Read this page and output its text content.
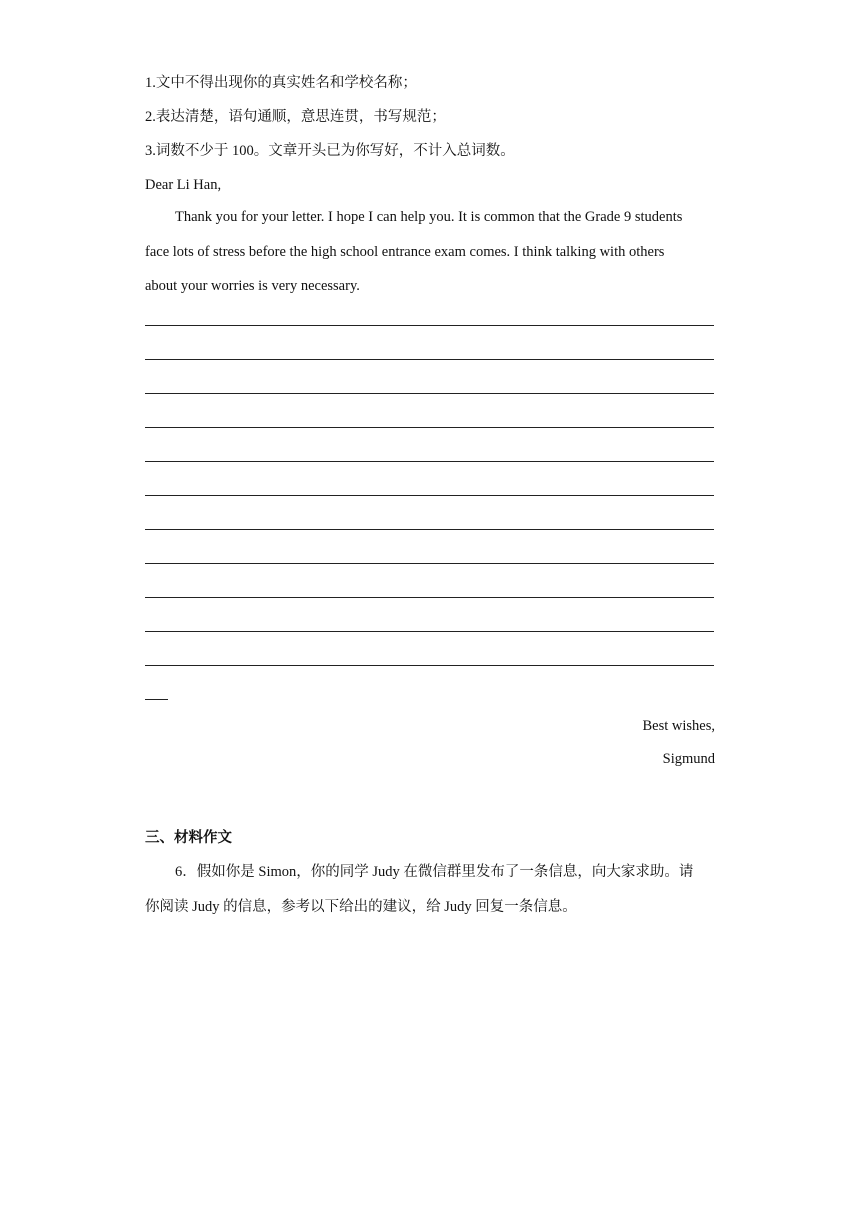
1.文中不得出现你的真实姓名和学校名称；
2.表达清楚，语句通顺，意思连贯，书写规范；
3.词数不少于 100。文章开头已为你写好，不计入总词数。
Dear Li Han,
Thank you for your letter. I hope I can help you. It is common that the Grade 9 students
face lots of stress before the high school entrance exam comes. I think talking with others
about your worries is very necessary.
Best wishes,
Sigmund
三、材料作文
6．假如你是 Simon，你的同学 Judy 在微信群里发布了一条信息，向大家求助。请
你阅读 Judy 的信息，参考以下给出的建议，给 Judy 回复一条信息。
